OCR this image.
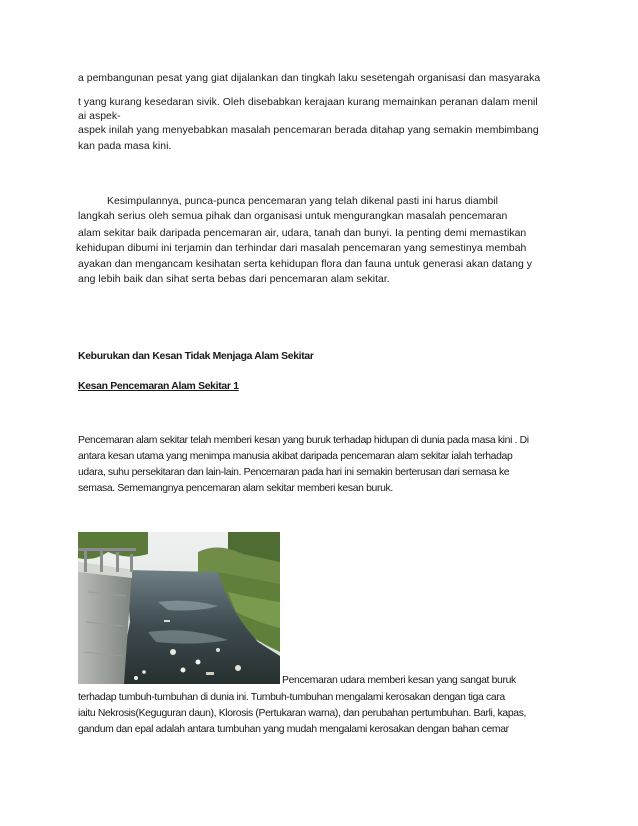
a pembangunan pesat yang giat dijalankan dan tingkah laku sesetengah organisasi dan masyaraka
t yang kurang kesedaran sivik. Oleh disebabkan kerajaan kurang memainkan peranan dalam menil
ai aspek-
aspek inilah yang menyebabkan masalah pencemaran berada ditahap yang semakin membimbang
kan pada masa kini.
Kesimpulannya, punca-punca pencemaran yang telah dikenal pasti ini harus diambil
langkah serius oleh semua pihak dan organisasi untuk mengurangkan masalah pencemaran
alam sekitar baik daripada pencemaran air, udara, tanah dan bunyi. Ia penting demi memastikan
kehidupan dibumi ini terjamin dan terhindar dari masalah pencemaran yang semestinya membah
ayakan dan mengancam kesihatan serta kehidupan flora dan fauna untuk generasi akan datang y
ang lebih baik dan sihat serta bebas dari pencemaran alam sekitar.
Keburukan dan Kesan Tidak Menjaga Alam Sekitar
Kesan Pencemaran Alam Sekitar 1
Pencemaran alam sekitar telah memberi kesan yang buruk terhadap hidupan di dunia pada masa kini . Di
antara kesan utama yang menimpa manusia akibat daripada pencemaran alam sekitar ialah terhadap
udara, suhu persekitaran dan lain-lain. Pencemaran pada hari ini semakin berterusan dari semasa ke
semasa. Sememangnya pencemaran alam sekitar memberi kesan buruk.
Pencemaran udara memberi kesan yang sangat buruk
terhadap tumbuh-tumbuhan di dunia ini. Tumbuh-tumbuhan mengalami kerosakan dengan tiga cara
iaitu Nekrosis(Keguguran daun), Klorosis (Pertukaran warna), dan perubahan pertumbuhan. Barli, kapas,
gandum dan epal adalah antara tumbuhan yang mudah mengalami kerosakan dengan bahan cemar
